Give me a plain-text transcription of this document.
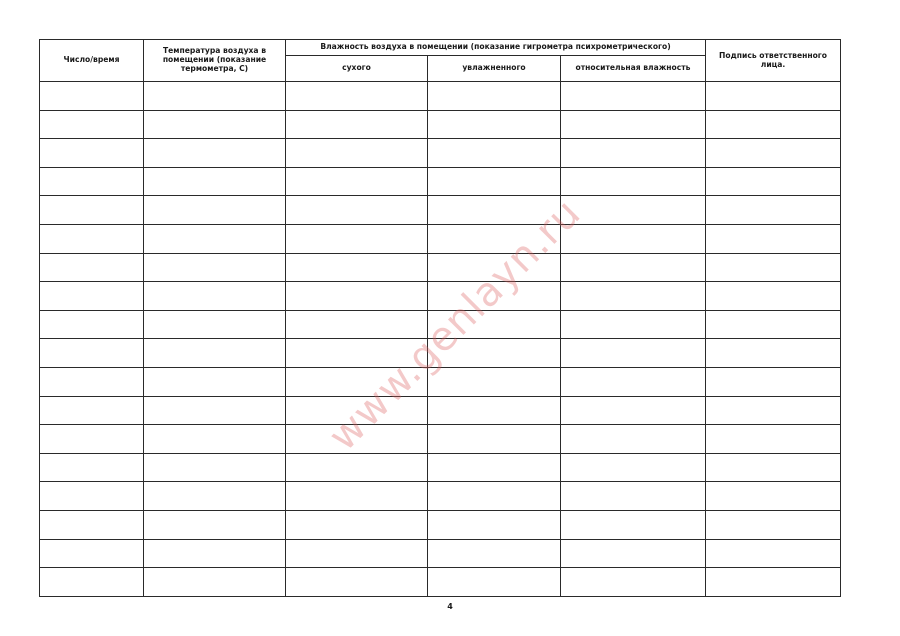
Число/время	Температура воздуха в помещении (показание термометра, С)	Влажность воздуха в помещении (показание гигрометра психрометрического)			Подпись ответственного лица.
		сухого	увлажненного	относительная влажность	

www.genlayn.ru
4
